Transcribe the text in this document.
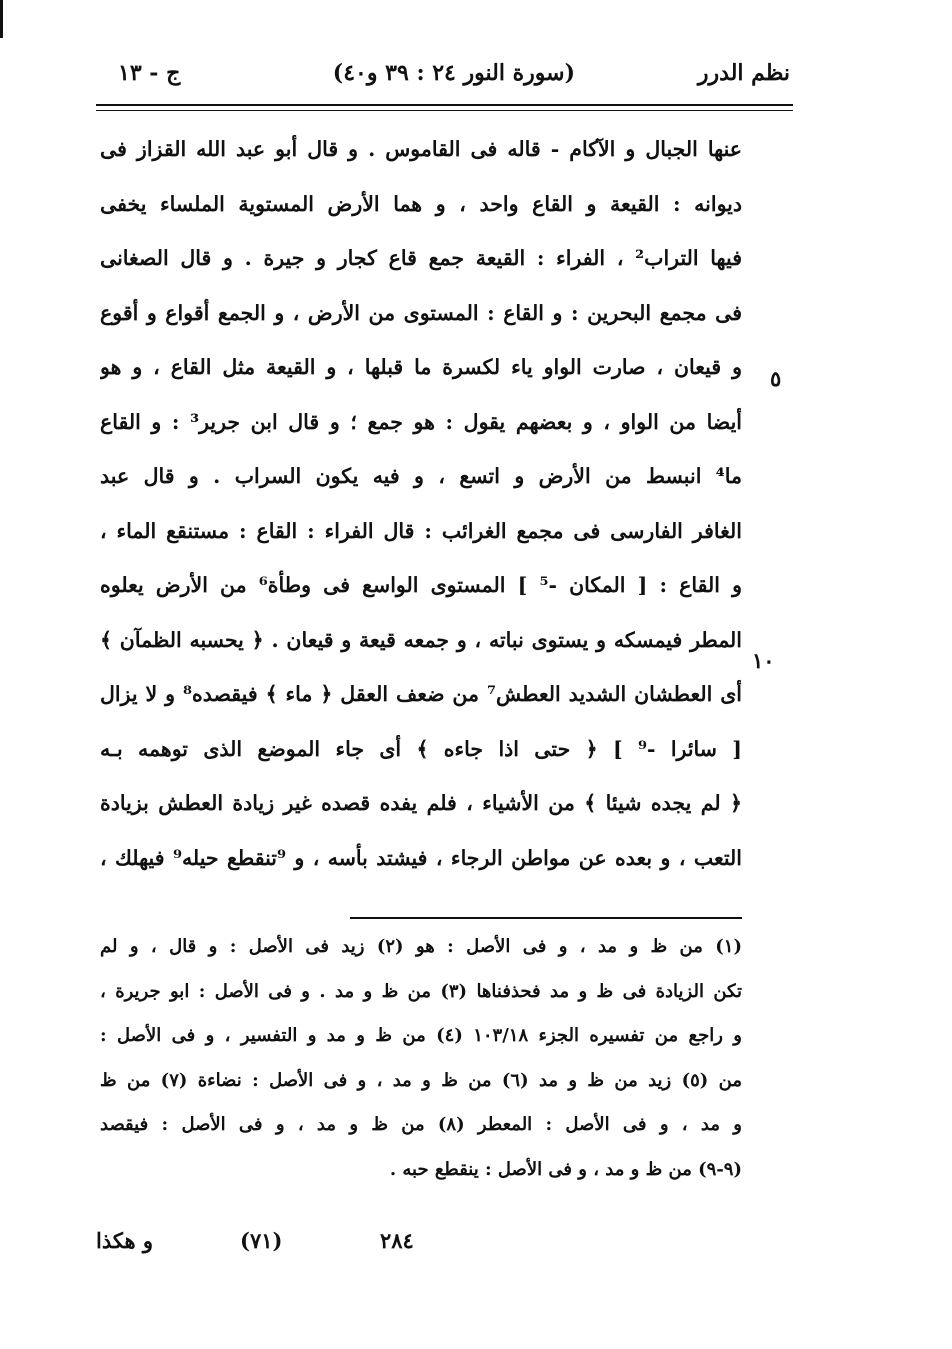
نظم الدرر
(سورة النور ٢٤ : ٣٩ و٤٠)
ج - ١٣
٥
١٠
عنها الجبال و الآكام - قاله فى القاموس . و قال أبو عبد الله القزاز فى
ديوانه : القيعة و القاع واحد ، و هما الأرض المستوية الملساء يخفى
فيها التراب² ، الفراء : القيعة جمع قاع كجار و جيرة . و قال الصغانى
فى مجمع البحرين : و القاع : المستوى من الأرض ، و الجمع أقواع و أقوع
و قيعان ، صارت الواو ياء لكسرة ما قبلها ، و القيعة مثل القاع ، و هو
أيضا من الواو ، و بعضهم يقول : هو جمع ؛ و قال ابن جرير³ : و القاع
ما⁴ انبسط من الأرض و اتسع ، و فيه يكون السراب . و قال عبد
الغافر الفارسى فى مجمع الغرائب : قال الفراء : القاع : مستنقع الماء ،
و القاع : [ المكان -⁵ ] المستوى الواسع فى وطأة⁶ من الأرض يعلوه
المطر فيمسكه و يستوى نباته ، و جمعه قيعة و قيعان . ﴿ يحسبه الظمآن ﴾
أى العطشان الشديد العطش⁷ من ضعف العقل ﴿ ماء ﴾ فيقصده⁸ و لا يزال
[ سائرا -⁹ ] ﴿ حتى اذا جاءه ﴾ أى جاء الموضع الذى توهمه بـه
﴿ لم يجده شيئا ﴾ من الأشياء ، فلم يفده قصده غير زيادة العطش بزيادة
التعب ، و بعده عن مواطن الرجاء ، فيشتد بأسه ، و ⁹تنقطع حيله⁹ فيهلك ،
(١) من ظ و مد ، و فى الأصل : هو (٢) زيد فى الأصل : و قال ، و لم
تكن الزيادة فى ظ و مد فحذفناها (٣) من ظ و مد . و فى الأصل : ابو جريرة ،
و راجع من تفسيره الجزء ١٠٣/١٨ (٤) من ظ و مد و التفسير ، و فى الأصل :
من (٥) زيد من ظ و مد (٦) من ظ و مد ، و فى الأصل : نضاءة (٧) من ظ
و مد ، و فى الأصل : المعطر (٨) من ظ و مد ، و فى الأصل : فيقصد
(٩-٩) من ظ و مد ، و فى الأصل : ينقطع حبه .
و هكذا	(٧١)	٢٨٤
